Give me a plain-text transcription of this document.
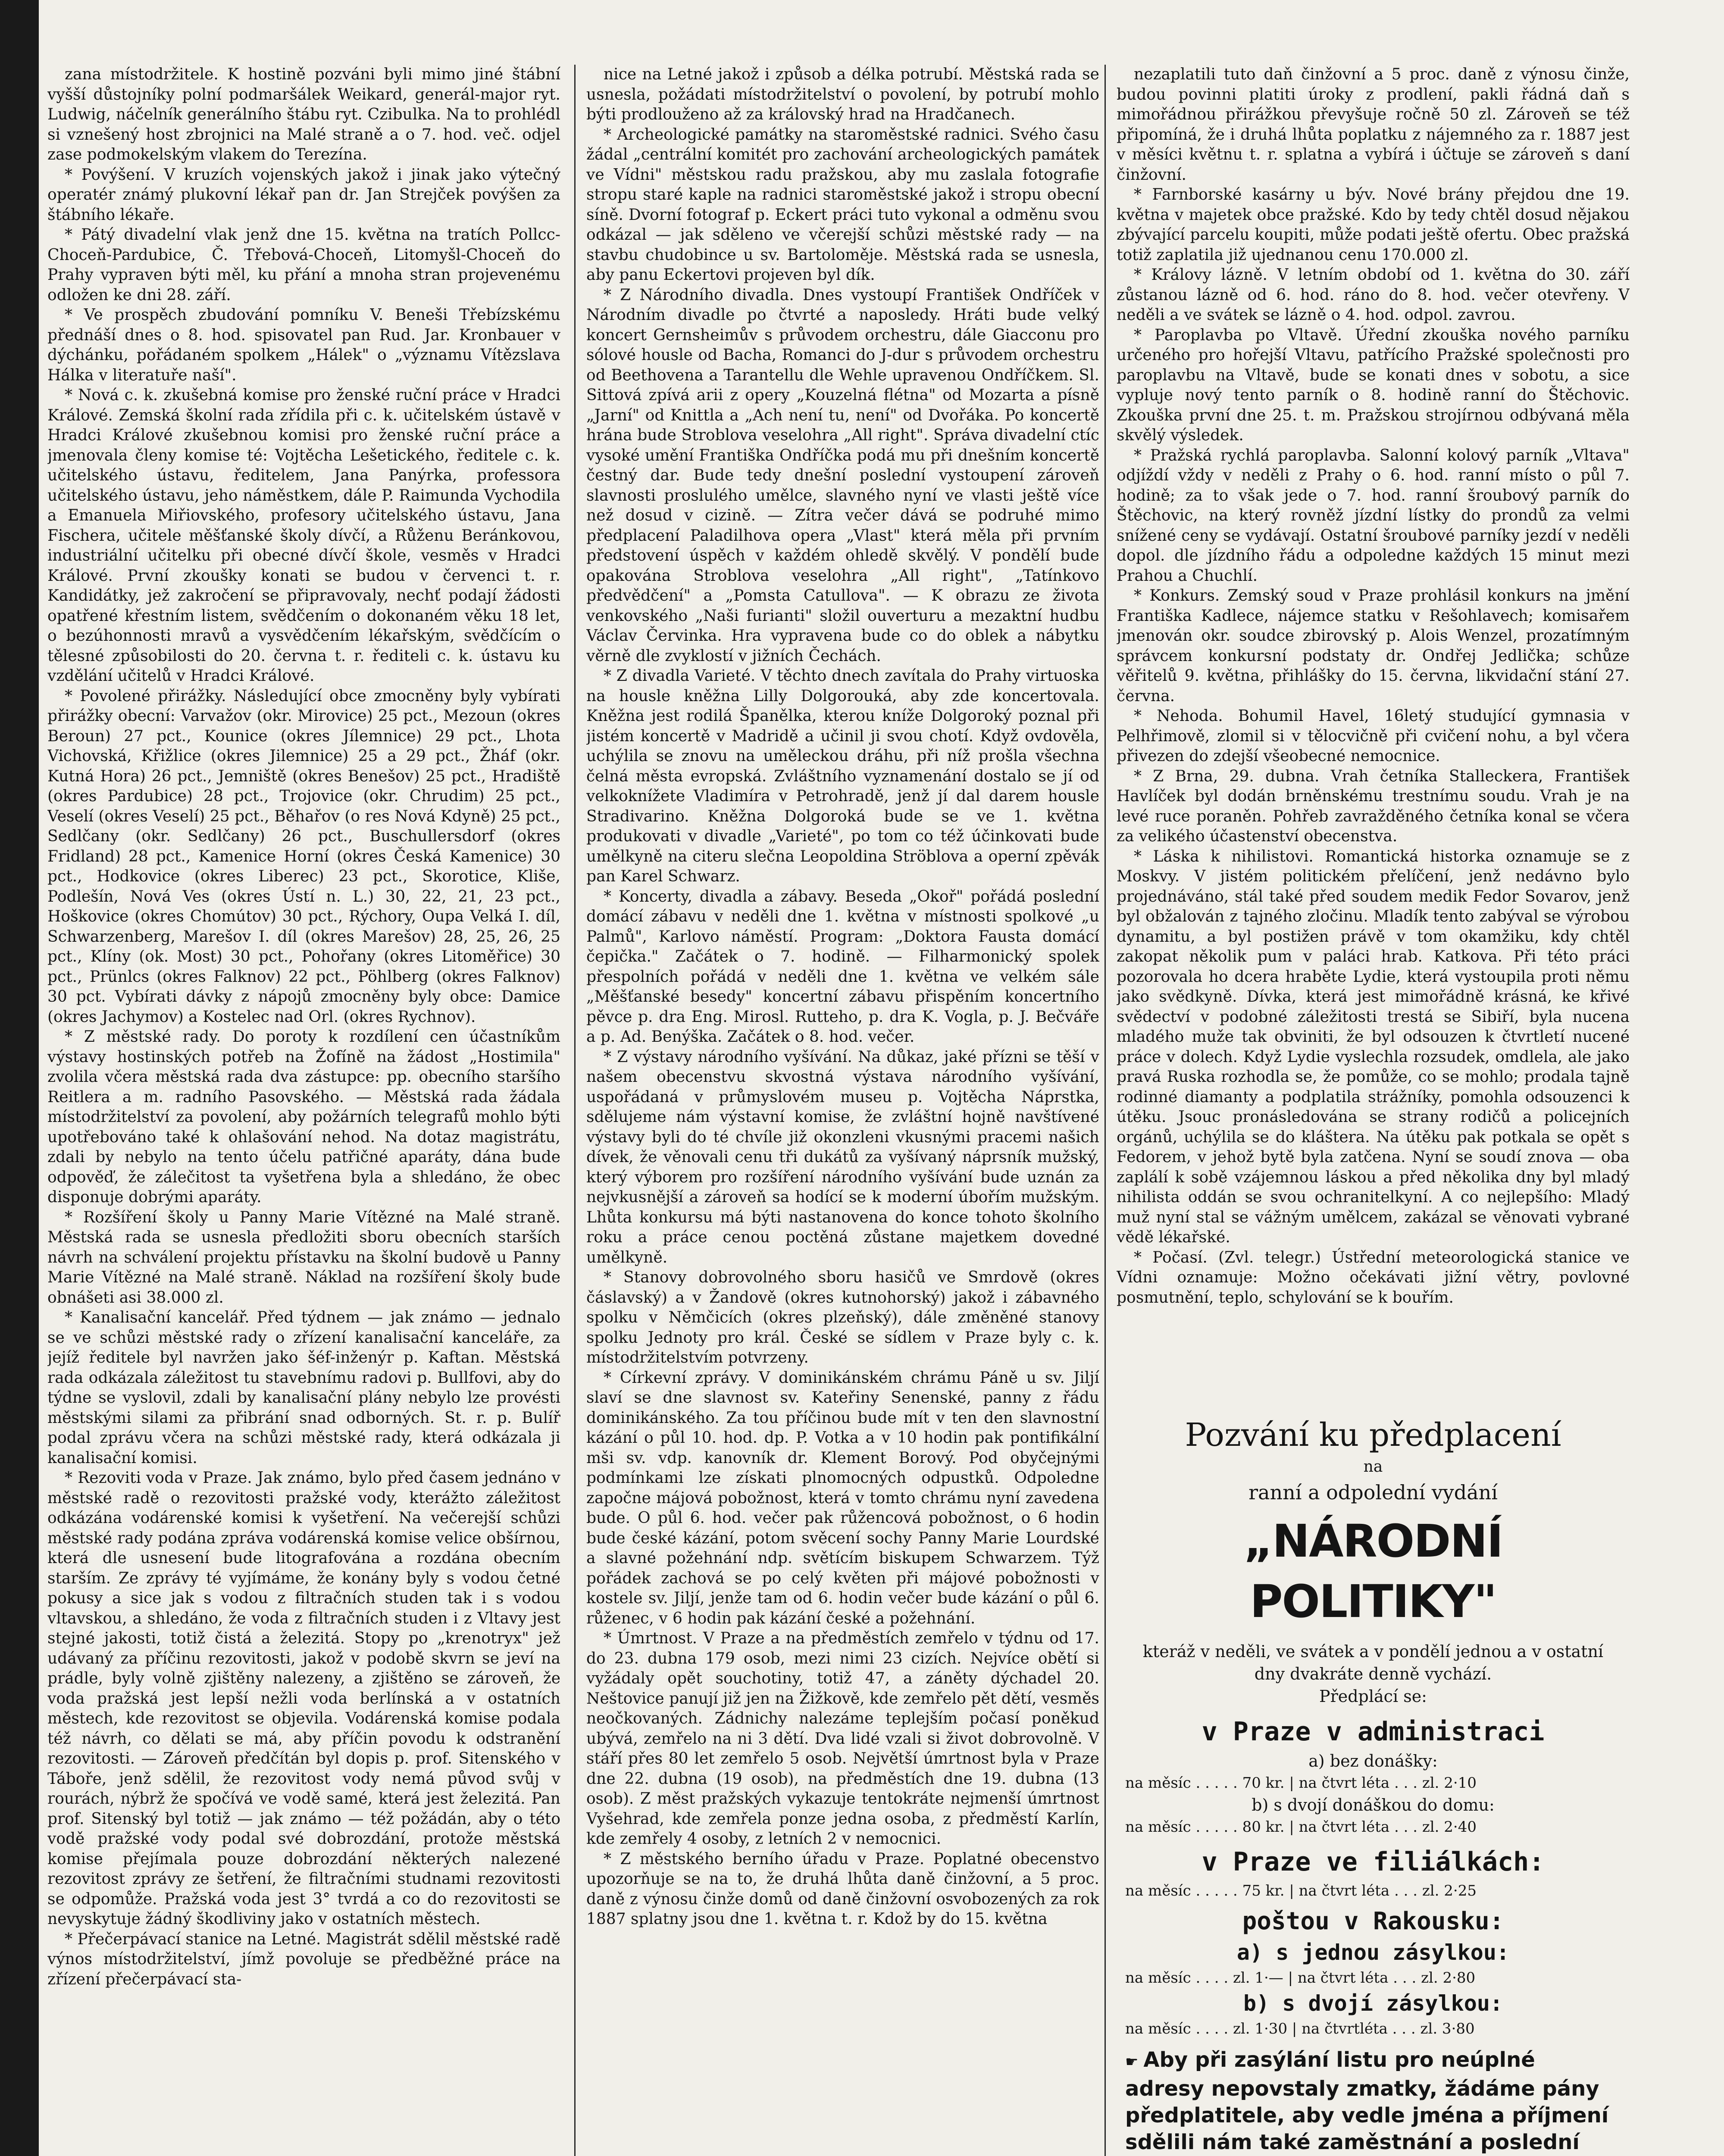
zana místodržitele. K hostině pozváni byli mimo jiné štábní vyšší důstojníky polní podmaršálek Weikard, generál-major ryt. Ludwig, náčelník generálního štábu ryt. Czibulka. Na to prohlédl si vznešený host zbrojnici na Malé straně a o 7. hod. več. odjel zase podmokelským vlakem do Terezína.

* Povýšení. V kruzích vojenských jakož i jinak jako výtečný operatér známý plukovní lékař pan dr. Jan Strejček povýšen za štábního lékaře.

* Pátý divadelní vlak jenž dne 15. května na tratích Pollcc-Choceň-Pardubice, Č. Třebová-Choceň, Litomyšl-Choceň do Prahy vypraven býti měl, ku přání a mnoha stran projevenému odložen ke dni 28. září.

* Ve prospěch zbudování pomníku V. Beneši Třebízskému přednáší dnes o 8. hod. spisovatel pan Rud. Jar. Kronbauer v dýchánku, pořádaném spolkem „Hálek" o „významu Vítězslava Hálka v literatuře naší".

* Nová c. k. zkušebná komise pro ženské ruční práce v Hradci Králové. Zemská školní rada zřídila při c. k. učitelském ústavě v Hradci Králové zkušebnou komisi pro ženské ruční práce a jmenovala členy komise té: Vojtěcha Lešetického, ředitele c. k. učitelského ústavu, ředitelem, Jana Panýrka, professora učitelského ústavu, jeho náměstkem, dále P. Raimunda Vychodila a Emanuela Miřiovského, profesory učitelského ústavu, Jana Fischera, učitele měšťanské školy dívčí, a Růženu Beránkovou, industriální učitelku při obecné dívčí škole, vesměs v Hradci Králové. První zkoušky konati se budou v červenci t. r. Kandidátky, jež zakročení se připravovaly, nechť podají žádosti opatřené křestním listem, svědčením o dokonaném věku 18 let, o bezúhonnosti mravů a vysvědčením lékařským, svědčícím o tělesné způsobilosti do 20. června t. r. řediteli c. k. ústavu ku vzdělání učitelů v Hradci Králové.

* Povolené přirážky. Následující obce zmocněny byly vybírati přirážky obecní: Varvažov (okr. Mirovice) 25 pct., Mezoun (okres Beroun) 27 pct., Kounice (okres Jílemnice) 29 pct., Lhota Vichovská, Křižlice (okres Jilemnice) 25 a 29 pct., Žháf (okr. Kutná Hora) 26 pct., Jemniště (okres Benešov) 25 pct., Hradiště (okres Pardubice) 28 pct., Trojovice (okr. Chrudim) 25 pct., Veselí (okres Veselí) 25 pct., Běhařov (o res Nová Kdyně) 25 pct., Sedlčany (okr. Sedlčany) 26 pct., Buschullersdorf (okres Fridland) 28 pct., Kamenice Horní (okres Česká Kamenice) 30 pct., Hodkovice (okres Liberec) 23 pct., Skorotice, Kliše, Podlešín, Nová Ves (okres Ústí n. L.) 30, 22, 21, 23 pct., Hoškovice (okres Chomútov) 30 pct., Rýchory, Oupa Velká I. díl, Schwarzenberg, Marešov I. díl (okres Marešov) 28, 25, 26, 25 pct., Klíny (ok. Most) 30 pct., Pohořany (okres Litoměřice) 30 pct., Prünlcs (okres Falknov) 22 pct., Pöhlberg (okres Falknov) 30 pct. Vybírati dávky z nápojů zmocněny byly obce: Damice (okres Jachymov) a Kostelec nad Orl. (okres Rychnov).

* Z městské rady. Do poroty k rozdílení cen účastníkům výstavy hostinských potřeb na Žofíně na žádost „Hostimila" zvolila včera městská rada dva zástupce: pp. obecního staršího Reitlera a m. radního Pasovského. — Městská rada žádala místodržitelství za povolení, aby požárních telegrafů mohlo býti upotřebováno také k ohlašování nehod. Na dotaz magistrátu, zdali by nebylo na tento účelu patřičné aparáty, dána bude odpověď, že zálečitost ta vyšetřena byla a shledáno, že obec disponuje dobrými aparáty.

* Rozšíření školy u Panny Marie Vítězné na Malé straně. Městská rada se usnesla předložiti sboru obecních starších návrh na schválení projektu přístavku na školní budově u Panny Marie Vítězné na Malé straně. Náklad na rozšíření školy bude obnášeti asi 38.000 zl.

* Kanalisační kancelář. Před týdnem — jak známo — jednalo se ve schůzi městské rady o zřízení kanalisační kanceláře, za jejíž ředitele byl navržen jako šéf-inženýr p. Kaftan. Městská rada odkázala záležitost tu stavebnímu radovi p. Bullfovi, aby do týdne se vyslovil, zdali by kanalisační plány nebylo lze provésti městskými silami za přibrání snad odborných. St. r. p. Bulíř podal zprávu včera na schůzi městské rady, která odkázala ji kanalisační komisi.

* Rezoviti voda v Praze. Jak známo, bylo před časem jednáno v městské radě o rezovitosti pražské vody, kterážto záležitost odkázána vodárenské komisi k vyšetření. Na večerejší schůzi městské rady podána zpráva vodárenská komise velice obšírnou, která dle usnesení bude litografována a rozdána obecním starším. Ze zprávy té vyjímáme, že konány byly s vodou četné pokusy a sice jak s vodou z filtračních studen tak i s vodou vltavskou, a shledáno, že voda z filtračních studen i z Vltavy jest stejné jakosti, totiž čistá a železitá. Stopy po „krenotryx" jež udávaný za příčinu rezovitosti, jakož v podobě skvrn se jeví na prádle, byly volně zjištěny nalezeny, a zjištěno se zároveň, že voda pražská jest lepší nežli voda berlínská a v ostatních městech, kde rezovitost se objevila. Vodárenská komise podala též návrh, co dělati se má, aby příčin povodu k odstranění rezovitosti. — Zároveň předčítán byl dopis p. prof. Sitenského v Táboře, jenž sdělil, že rezovitost vody nemá původ svůj v rourách, nýbrž že spočívá ve vodě samé, která jest železitá. Pan prof. Sitenský byl totiž — jak známo — též požádán, aby o této vodě pražské vody podal své dobrozdání, protože městská komise přejímala pouze dobrozdání některých nalezené rezovitost zprávy ze šetření, že filtračními studnami rezovitosti se odpomůže. Pražská voda jest 3° tvrdá a co do rezovitosti se nevyskytuje žádný škodliviny jako v ostatních městech.

* Přečerpávací stanice na Letné. Magistrát sdělil městské radě výnos místodržitelství, jímž povoluje se předběžné práce na zřízení přečerpávací sta-

nice na Letné jakož i způsob a délka potrubí. Městská rada se usnesla, požádati místodržitelství o povolení, by potrubí mohlo býti prodlouženo až za královský hrad na Hradčanech.

* Archeologické památky na staroměstské radnici. Svého času žádal „centrální komitét pro zachování archeologických památek ve Vídni" městskou radu pražskou, aby mu zaslala fotografie stropu staré kaple na radnici staroměstské jakož i stropu obecní síně. Dvorní fotograf p. Eckert práci tuto vykonal a odměnu svou odkázal — jak sděleno ve včerejší schůzi městské rady — na stavbu chudobince u sv. Bartoloměje. Městská rada se usnesla, aby panu Eckertovi projeven byl dík.

* Z Národního divadla. Dnes vystoupí František Ondříček v Národním divadle po čtvrté a naposledy. Hráti bude velký koncert Gernsheimův s průvodem orchestru, dále Giacconu pro sólové housle od Bacha, Romanci do J-dur s průvodem orchestru od Beethovena a Tarantellu dle Wehle upravenou Ondříčkem. Sl. Sittová zpívá arii z opery „Kouzelná flétna" od Mozarta a písně „Jarní" od Knittla a „Ach není tu, není" od Dvořáka. Po koncertě hrána bude Stroblova veselohra „All right". Správa divadelní ctíc vysoké umění Františka Ondříčka podá mu při dnešním koncertě čestný dar. Bude tedy dnešní poslední vystoupení zároveň slavnosti proslulého umělce, slavného nyní ve vlasti ještě více než dosud v cizině. — Zítra večer dává se podruhé mimo předplacení Paladilhova opera „Vlast" která měla při prvním předstovení úspěch v každém ohledě skvělý. V pondělí bude opakována Stroblova veselohra „All right", „Tatínkovo předvědčení" a „Pomsta Catullova". — K obrazu ze života venkovského „Naši furianti" složil ouverturu a mezaktní hudbu Václav Červinka. Hra vypravena bude co do oblek a nábytku věrně dle zvyklostí v jižních Čechách.

* Z divadla Varieté. V těchto dnech zavítala do Prahy virtuoska na housle kněžna Lilly Dolgorouká, aby zde koncertovala. Kněžna jest rodilá Španělka, kterou kníže Dolgoroký poznal při jistém koncertě v Madridě a učinil ji svou chotí. Když ovdověla, uchýlila se znovu na uměleckou dráhu, při níž prošla všechna čelná města evropská. Zvláštního vyznamenání dostalo se jí od velkoknížete Vladimíra v Petrohradě, jenž jí dal darem housle Stradivarino. Kněžna Dolgoroká bude se ve 1. května produkovati v divadle „Varieté", po tom co též účinkovati bude umělkyně na citeru slečna Leopoldina Ströblova a operní zpěvák pan Karel Schwarz.

* Koncerty, divadla a zábavy. Beseda „Okoř" pořádá poslední domácí zábavu v neděli dne 1. května v místnosti spolkové „u Palmů", Karlovo náměstí. Program: „Doktora Fausta domácí čepička." Začátek o 7. hodině. — Filharmonický spolek přespolních pořádá v neděli dne 1. května ve velkém sále „Měšťanské besedy" koncertní zábavu přispěním koncertního pěvce p. dra Eng. Mirosl. Rutteho, p. dra K. Vogla, p. J. Bečváře a p. Ad. Benýška. Začátek o 8. hod. večer.

* Z výstavy národního vyšívání. Na důkaz, jaké přízni se těší v našem obecenstvu skvostná výstava národního vyšívání, uspořádaná v průmyslovém museu p. Vojtěcha Náprstka, sdělujeme nám výstavní komise, že zvláštní hojně navštívené výstavy byli do té chvíle již okonzleni vkusnými pracemi našich dívek, že věnovali cenu tři dukátů za vyšívaný náprsník mužský, který výborem pro rozšíření národního vyšívání bude uznán za nejvkusnější a zároveň sa hodící se k moderní úbořím mužským. Lhůta konkursu má býti nastanovena do konce tohoto školního roku a práce cenou poctěná zůstane majetkem dovedné umělkyně.

* Stanovy dobrovolného sboru hasičů ve Smrdově (okres čáslavský) a v Žandově (okres kutnohorský) jakož i zábavného spolku v Němčicích (okres plzeňský), dále změněné stanovy spolku Jednoty pro král. České se sídlem v Praze byly c. k. místodržitelstvím potvrzeny.

* Církevní zprávy. V dominikánském chrámu Páně u sv. Jiljí slaví se dne slavnost sv. Kateřiny Senenské, panny z řádu dominikánského. Za tou příčinou bude mít v ten den slavnostní kázání o půl 10. hod. dp. P. Votka a v 10 hodin pak pontifikální mši sv. vdp. kanovník dr. Klement Borový. Pod obyčejnými podmínkami lze získati plnomocných odpustků. Odpoledne započne májová pobožnost, která v tomto chrámu nyní zavedena bude. O půl 6. hod. večer pak růžencová pobožnost, o 6 hodin bude české kázání, potom svěcení sochy Panny Marie Lourdské a slavné požehnání ndp. světícím biskupem Schwarzem. Týž pořádek zachová se po celý květen při májové pobožnosti v kostele sv. Jiljí, jenže tam od 6. hodin večer bude kázání o půl 6. růženec, v 6 hodin pak kázání české a požehnání.

* Úmrtnost. V Praze a na předměstích zemřelo v týdnu od 17. do 23. dubna 179 osob, mezi nimi 23 cizích. Nejvíce obětí si vyžádaly opět souchotiny, totiž 47, a záněty dýchadel 20. Neštovice panují již jen na Žižkově, kde zemřelo pět dětí, vesměs neočkovaných. Zádnichy nalezáme teplejším počasí poněkud ubývá, zemřelo na ni 3 dětí. Dva lidé vzali si život dobrovolně. V stáří přes 80 let zemřelo 5 osob. Největší úmrtnost byla v Praze dne 22. dubna (19 osob), na předměstích dne 19. dubna (13 osob). Z měst pražských vykazuje tentokráte nejmenší úmrtnost Vyšehrad, kde zemřela ponze jedna osoba, z předměstí Karlín, kde zemřely 4 osoby, z letních 2 v nemocnici.

* Z městského berního úřadu v Praze. Poplatné obecenstvo upozorňuje se na to, že druhá lhůta daně činžovní, a 5 proc. daně z výnosu činže domů od daně činžovní osvobozených za rok 1887 splatny jsou dne 1. května t. r. Kdož by do 15. května

nezaplatili tuto daň činžovní a 5 proc. daně z výnosu činže, budou povinni platiti úroky z prodlení, pakli řádná daň s mimořádnou přirážkou převyšuje ročně 50 zl. Zároveň se též připomíná, že i druhá lhůta poplatku z nájemného za r. 1887 jest v měsíci květnu t. r. splatna a vybírá i účtuje se zároveň s daní činžovní.

* Farnborské kasárny u býv. Nové brány přejdou dne 19. května v majetek obce pražské. Kdo by tedy chtěl dosud nějakou zbývající parcelu koupiti, může podati ještě ofertu. Obec pražská totiž zaplatila již ujednanou cenu 170.000 zl.

* Královy lázně. V letním období od 1. května do 30. září zůstanou lázně od 6. hod. ráno do 8. hod. večer otevřeny. V neděli a ve svátek se lázně o 4. hod. odpol. zavrou.

* Paroplavba po Vltavě. Úřední zkouška nového parníku určeného pro hořejší Vltavu, patřícího Pražské společnosti pro paroplavbu na Vltavě, bude se konati dnes v sobotu, a sice vypluje nový tento parník o 8. hodině ranní do Štěchovic. Zkouška první dne 25. t. m. Pražskou strojírnou odbývaná měla skvělý výsledek.

* Pražská rychlá paroplavba. Salonní kolový parník „Vltava" odjíždí vždy v neděli z Prahy o 6. hod. ranní místo o půl 7. hodině; za to však jede o 7. hod. ranní šroubový parník do Štěchovic, na který rovněž jízdní lístky do prondů za velmi snížené ceny se vydávají. Ostatní šroubové parníky jezdí v neděli dopol. dle jízdního řádu a odpoledne každých 15 minut mezi Prahou a Chuchlí.

* Konkurs. Zemský soud v Praze prohlásil konkurs na jmění Františka Kadlece, nájemce statku v Rešohlavech; komisařem jmenován okr. soudce zbirovský p. Alois Wenzel, prozatímným správcem konkursní podstaty dr. Ondřej Jedlička; schůze věřitelů 9. května, přihlášky do 15. června, likvidační stání 27. června.

* Nehoda. Bohumil Havel, 16letý studující gymnasia v Pelhřimově, zlomil si v tělocvičně při cvičení nohu, a byl včera přivezen do zdejší všeobecné nemocnice.

* Z Brna, 29. dubna. Vrah četníka Stalleckera, František Havlíček byl dodán brněnskému trestnímu soudu. Vrah je na levé ruce poraněn. Pohřeb zavražděného četníka konal se včera za velikého účastenství obecenstva.

* Láska k nihilistovi. Romantická historka oznamuje se z Moskvy. V jistém politickém přelíčení, jenž nedávno bylo projednáváno, stál také před soudem medik Fedor Sovarov, jenž byl obžalován z tajného zločinu. Mladík tento zabýval se výrobou dynamitu, a byl postižen právě v tom okamžiku, kdy chtěl zakopat několik pum v paláci hrab. Katkova. Při této práci pozorovala ho dcera hraběte Lydie, která vystoupila proti němu jako svědkyně. Dívka, která jest mimořádně krásná, ke křivé svědectví v podobné záležitosti trestá se Sibiří, byla nucena mladého muže tak obviniti, že byl odsouzen k čtvrtletí nucené práce v dolech. Když Lydie vyslechla rozsudek, omdlela, ale jako pravá Ruska rozhodla se, že pomůže, co se mohlo; prodala tajně rodinné diamanty a podplatila strážníky, pomohla odsouzenci k útěku. Jsouc pronásledována se strany rodičů a policejních orgánů, uchýlila se do kláštera. Na útěku pak potkala se opět s Fedorem, v jehož bytě byla zatčena. Nyní se soudí znova — oba zaplálí k sobě vzájemnou láskou a před několika dny byl mladý nihilista oddán se svou ochranitelkyní. A co nejlepšího: Mladý muž nyní stal se vážným umělcem, zakázal se věnovati vybrané vědě lékařské.

* Počasí. (Zvl. telegr.) Ústřední meteorologická stanice ve Vídni oznamuje: Možno očekávati jižní větry, povlovné posmutnění, teplo, schylování se k bouřím.

Pozvání ku předplacení
na
ranní a odpolední vydání
„NÁRODNÍ POLITIKY"
kteráž v neděli, ve svátek a v pondělí jednou a v ostatní dny dvakráte denně vychází.
Předplácí se:
v Praze v administraci
a) bez donášky:
na měsíc . . . . . 70 kr. | na čtvrt léta . . . zl. 2·10
b) s dvojí donáškou do domu:
na měsíc . . . . . 80 kr. | na čtvrt léta . . . zl. 2·40
v Praze ve filiálkách:
na měsíc . . . . . 75 kr. | na čtvrt léta . . . zl. 2·25
poštou v Rakousku:
a) s jednou zásylkou:
na měsíc . . . . zl. 1·— | na čtvrt léta . . . zl. 2·80
b) s dvojí zásylkou:
na měsíc . . . . zl. 1·30 | na čtvrtléta . . . zl. 3·80
☛ Aby při zasýlání listu pro neúplné adresy nepovstaly zmatky, žádáme pány předplatitele, aby vedle jména a příjmení sdělili nám také zaměstnání a poslední
